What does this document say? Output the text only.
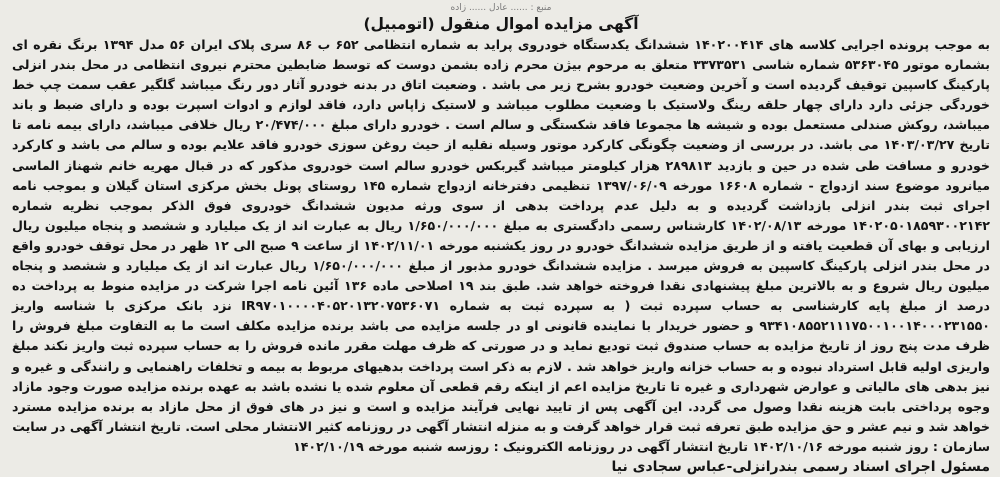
منبع : ...... عادل ...... زاده
آگهی مزایده اموال منقول (اتومبیل)

به موجب پرونده اجرایی کلاسه های ۱۴۰۲۰۰۴۱۴ ششدانگ یکدستگاه خودروی پراید به شماره انتظامی ۶۵۲ ب ۸۶ سری پلاک ایران ۵۶ مدل ۱۳۹۴ برنگ نقره ای بشماره موتور ۵۳۶۳۰۴۵ شماره شاسی ۳۳۷۳۵۳۱ متعلق به مرحوم بیژن محرم زاده بشمن دوست که توسط ضابطین محترم نیروی انتظامی در محل بندر انزلی پارکینگ کاسپین توقیف گردیده است و آخرین وضعیت خودرو بشرح زیر می باشد . وضعیت اتاق در بدنه خودرو آثار دور رنگ میباشد گلگیر عقب سمت چپ خط خوردگی جزئی دارد دارای چهار حلقه رینگ ولاستیک با وضعیت مطلوب میباشد و لاستیک زاپاس دارد، فاقد لوازم و ادوات اسپرت بوده و دارای ضبط و باند میباشد، روکش صندلی مستعمل بوده و شیشه ها مجموعا فاقد شکستگی و سالم است . خودرو دارای مبلغ ۲۰/۴۷۴/۰۰۰ ریال خلافی میباشد، دارای بیمه نامه تا تاریخ ۱۴۰۳/۰۳/۲۷ می باشد. در بررسی از وضعیت چگونگی کارکرد موتور وسیله نقلیه از حیث روغن سوزی خودرو فاقد علایم بوده و سالم می باشد و کارکرد خودرو و مسافت طی شده در حین و بازدید ۲۸۹۸۱۳ هزار کیلومتر میباشد گیربکس خودرو سالم است خودروی مذکور که در قبال مهریه خانم شهناز الماسی میانرود موضوع سند ازدواج - شماره ۱۶۶۰۸ مورخه ۱۳۹۷/۰۶/۰۹ تنظیمی دفترخانه ازدواج شماره ۱۴۵ روستای پونل بخش مرکزی استان گیلان و بموجب نامه اجرای ثبت بندر انزلی بازداشت گردیده و به دلیل عدم پرداخت بدهی از سوی ورثه مدیون ششدانگ خودروی فوق الذکر بموجب نظریه شماره ۱۴۰۲۰۵۰۱۸۵۹۳۰۰۲۱۴۲ مورخه ۱۴۰۲/۰۸/۱۳ کارشناس رسمی دادگستری به مبلغ ۱/۶۵۰/۰۰۰/۰۰۰ ریال به عبارت اند از یک میلیارد و ششصد و پنجاه میلیون ریال ارزیابی و بهای آن قطعیت یافته و از طریق مزایده ششدانگ خودرو در روز یکشنبه مورخه ۱۴۰۲/۱۱/۰۱ از ساعت ۹ صبح الی ۱۲ ظهر در محل توقف خودرو واقع در محل بندر انزلی پارکینگ کاسپین به فروش میرسد . مزایده ششدانگ خودرو مذبور از مبلغ ۱/۶۵۰/۰۰۰/۰۰۰ ریال عبارت اند از یک میلیارد و ششصد و پنجاه میلیون ریال شروع و به بالاترین مبلغ پیشنهادی نقدا فروخته خواهد شد. طبق بند ۱۹ اصلاحی ماده ۱۳۶ آئین نامه اجرا شرکت در مزایده منوط به پرداخت ده درصد از مبلغ پایه کارشناسی به حساب سپرده ثبت ( به سپرده ثبت به شماره IR۹۷۰۱۰۰۰۰۴۰۵۲۰۱۳۲۰۷۵۳۶۰۷۱ نزد بانک مرکزی با شناسه واریز ۹۳۴۱۰۸۵۵۲۱۱۱۷۵۰۰۱۰۰۱۴۰۰۰۲۳۱۵۵۰ و حضور خریدار با نماینده قانونی او در جلسه مزایده می باشد برنده مزایده مکلف است ما به التفاوت مبلغ فروش را ظرف مدت پنج روز از تاریخ مزایده به حساب صندوق ثبت تودیع نماید و در صورتی که ظرف مهلت مقرر مانده فروش را به حساب سپرده ثبت واریز نکند مبلغ واریزی اولیه قابل استرداد نبوده و به حساب خزانه واریز خواهد شد . لازم به ذکر است پرداخت بدهیهای مربوط به بیمه و تخلفات راهنمایی و رانندگی و غیره و نیز بدهی های مالیاتی و عوارض شهرداری و غیره تا تاریخ مزایده اعم از اینکه رقم قطعی آن معلوم شده یا نشده باشد به عهده برنده مزایده صورت وجود مازاد وجوه پرداختی بابت هزینه نقدا وصول می گردد. این آگهی پس از تایید نهایی فرآیند مزایده و است و نیز در های فوق از محل مازاد به برنده مزایده مسترد خواهد شد و نیم عشر و حق مزایده طبق تعرفه ثبت قرار خواهد گرفت و به منزله انتشار آگهی در روزنامه کثیر الانتشار محلی است. تاریخ انتشار آگهی در سایت

سازمان : روز شنبه مورخه ۱۴۰۲/۱۰/۱۶ تاریخ انتشار آگهی در روزنامه الکترونیک : روزسه شنبه مورخه ۱۴۰۲/۱۰/۱۹

مسئول اجرای اسناد رسمی بندرانزلی-عباس سجادی نیا
